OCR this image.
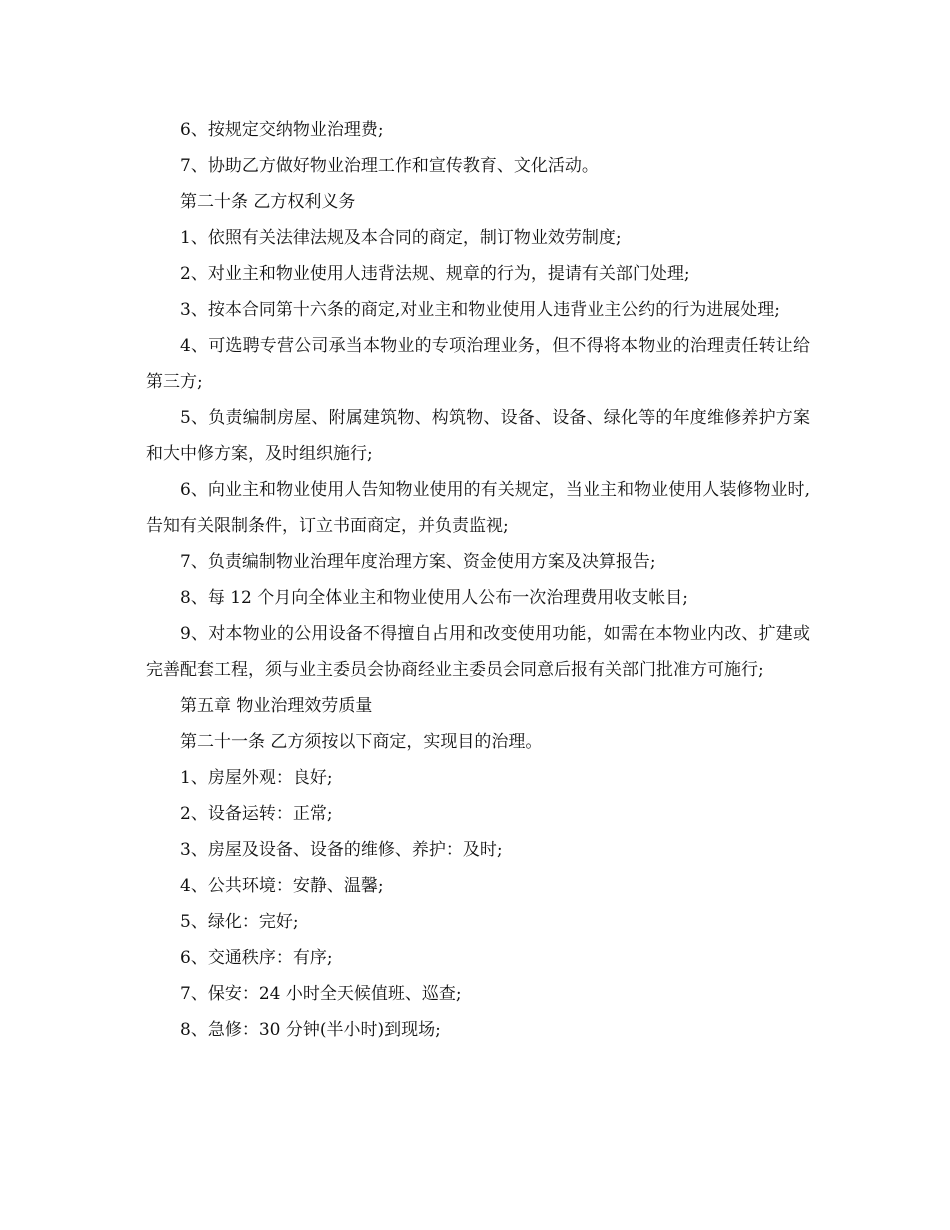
6、按规定交纳物业治理费;

7、协助乙方做好物业治理工作和宣传教育、文化活动。

第二十条 乙方权利义务

1、依照有关法律法规及本合同的商定，制订物业效劳制度;

2、对业主和物业使用人违背法规、规章的行为，提请有关部门处理;

3、按本合同第十六条的商定,对业主和物业使用人违背业主公约的行为进展处理;

4、可选聘专营公司承当本物业的专项治理业务，但不得将本物业的治理责任转让给第三方;

5、负责编制房屋、附属建筑物、构筑物、设备、设备、绿化等的年度维修养护方案和大中修方案，及时组织施行;

6、向业主和物业使用人告知物业使用的有关规定，当业主和物业使用人装修物业时,告知有关限制条件，订立书面商定，并负责监视;

7、负责编制物业治理年度治理方案、资金使用方案及决算报告;

8、每 12 个月向全体业主和物业使用人公布一次治理费用收支帐目;

9、对本物业的公用设备不得擅自占用和改变使用功能，如需在本物业内改、扩建或完善配套工程，须与业主委员会协商经业主委员会同意后报有关部门批准方可施行;

第五章 物业治理效劳质量

第二十一条 乙方须按以下商定，实现目的治理。

1、房屋外观：良好;

2、设备运转：正常;

3、房屋及设备、设备的维修、养护：及时;

4、公共环境：安静、温馨;

5、绿化：完好;

6、交通秩序：有序;

7、保安：24 小时全天候值班、巡查;

8、急修：30 分钟(半小时)到现场;
